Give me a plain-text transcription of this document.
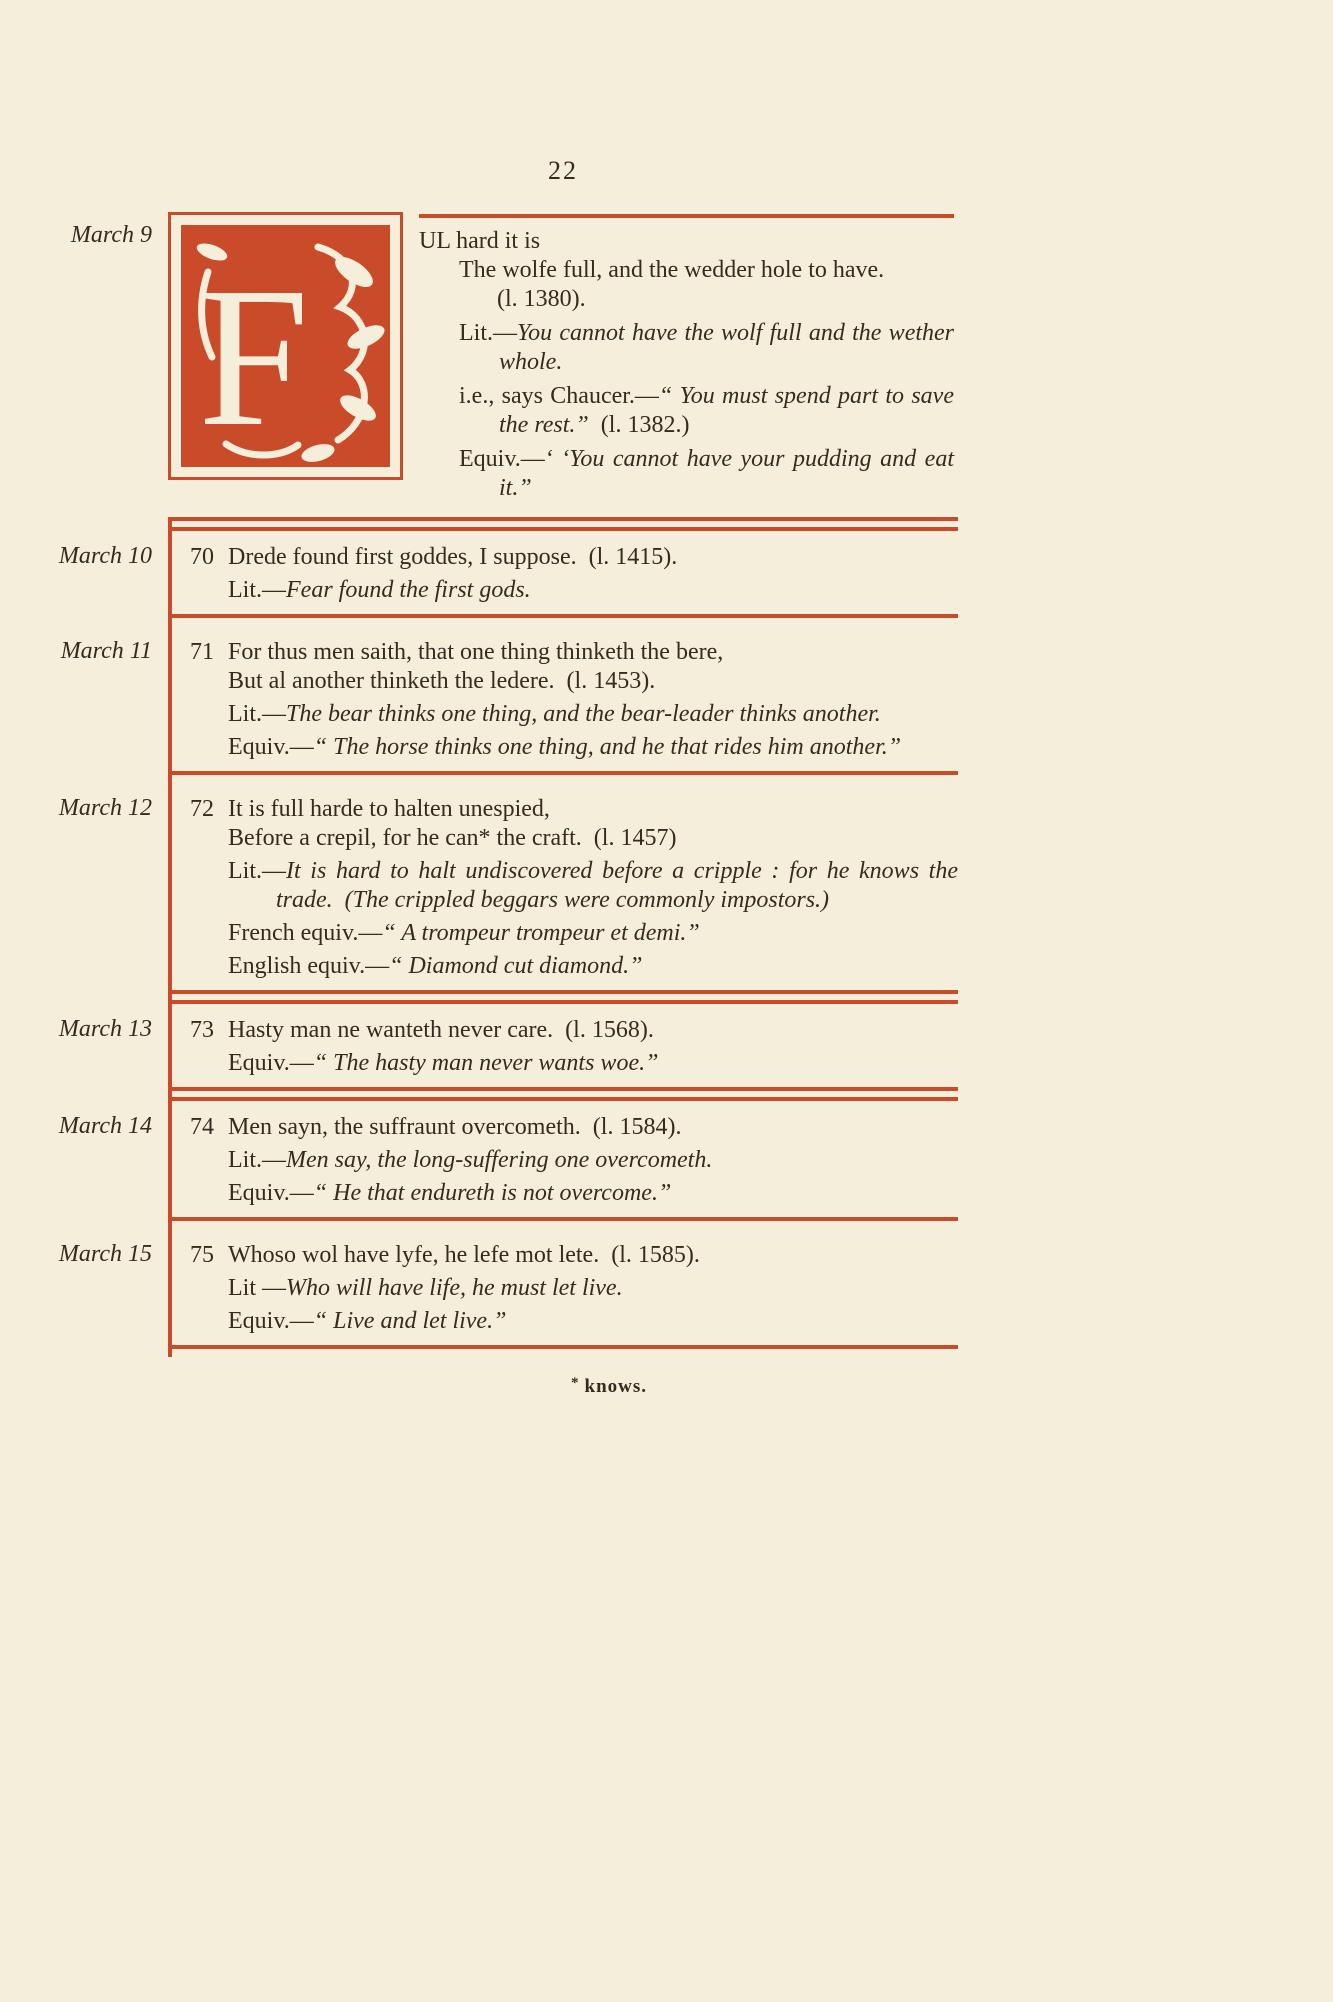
22
March 9
F
UL hard it is
The wolfe full, and the wedder hole to have.
(l. 1380).

Lit.—You cannot have the wolf full and the wether whole.

i.e., says Chaucer.—“ You must spend part to save the rest.” (l. 1382.)

Equiv.—‘ ‘You cannot have your pudding and eat it.”

March 10	70 Drede found first goddes, I suppose. (l. 1415).

Lit.—Fear found the first gods.

March 11	71 For thus men saith, that one thing thinketh the bere,
But al another thinketh the ledere. (l. 1453).

Lit.—The bear thinks one thing, and the bear-leader thinks another.

Equiv.—“ The horse thinks one thing, and he that rides him another.”

March 12	72 It is full harde to halten unespied,
Before a crepil, for he can* the craft. (l. 1457)

Lit.—It is hard to halt undiscovered before a cripple : for he knows the trade. (The crippled beggars were commonly impostors.)

French equiv.—“ A trompeur trompeur et demi.”

English equiv.—“ Diamond cut diamond.”

March 13	73 Hasty man ne wanteth never care. (l. 1568).

Equiv.—“ The hasty man never wants woe.”

March 14	74 Men sayn, the suffraunt overcometh. (l. 1584).

Lit.—Men say, the long-suffering one overcometh.

Equiv.—“ He that endureth is not overcome.”

March 15	75 Whoso wol have lyfe, he lefe mot lete. (l. 1585).

Lit —Who will have life, he must let live.

Equiv.—“ Live and let live.”

* knows.
